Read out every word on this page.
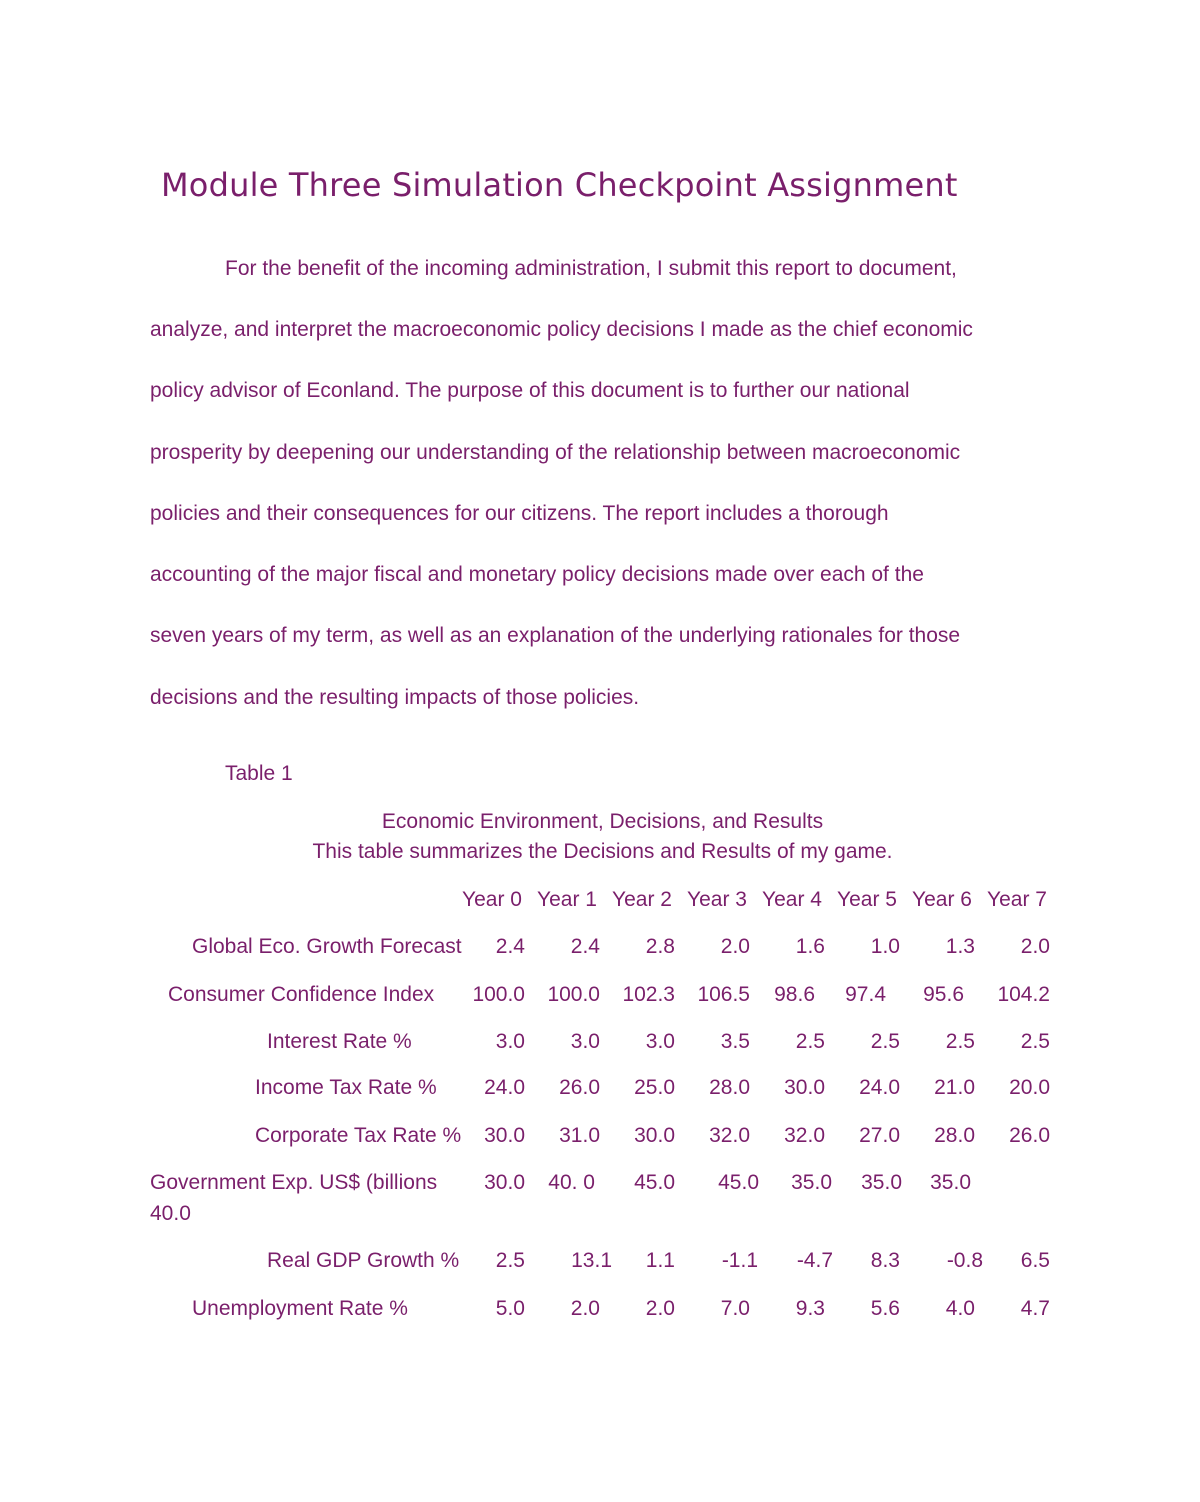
Module Three Simulation Checkpoint Assignment
For the benefit of the incoming administration, I submit this report to document,
analyze, and interpret the macroeconomic policy decisions I made as the chief economic
policy advisor of Econland. The purpose of this document is to further our national
prosperity by deepening our understanding of the relationship between macroeconomic
policies and their consequences for our citizens. The report includes a thorough
accounting of the major fiscal and monetary policy decisions made over each of the
seven years of my term, as well as an explanation of the underlying rationales for those
decisions and the resulting impacts of those policies.
Table 1
Economic Environment, Decisions, and Results
This table summarizes the Decisions and Results of my game.
Year 0 Year 1 Year 2 Year 3 Year 4 Year 5 Year 6 Year 7
Global Eco. Growth Forecast 2.4 2.4 2.8 2.0 1.6 1.0 1.3 2.0
Consumer Confidence Index 100.0 100.0 102.3 106.5 98.6 97.4 95.6 104.2
Interest Rate %	3.0 3.0 3.0 3.5 2.5 2.5 2.5 2.5
Income Tax Rate % 24.0 26.0 25.0 28.0 30.0 24.0 21.0 20.0
Corporate Tax Rate % 30.0 31.0 30.0 32.0 32.0 27.0 28.0 26.0
Government Exp. US$ (billions 30.0 40. 0 45.0 45.0 35.0 35.0 35.0
40.0
Real GDP Growth % 2.5 13.1 1.1 -1.1 -4.7 8.3 -0.8 6.5
Unemployment Rate %	5.0 2.0 2.0 7.0 9.3 5.6 4.0 4.7
